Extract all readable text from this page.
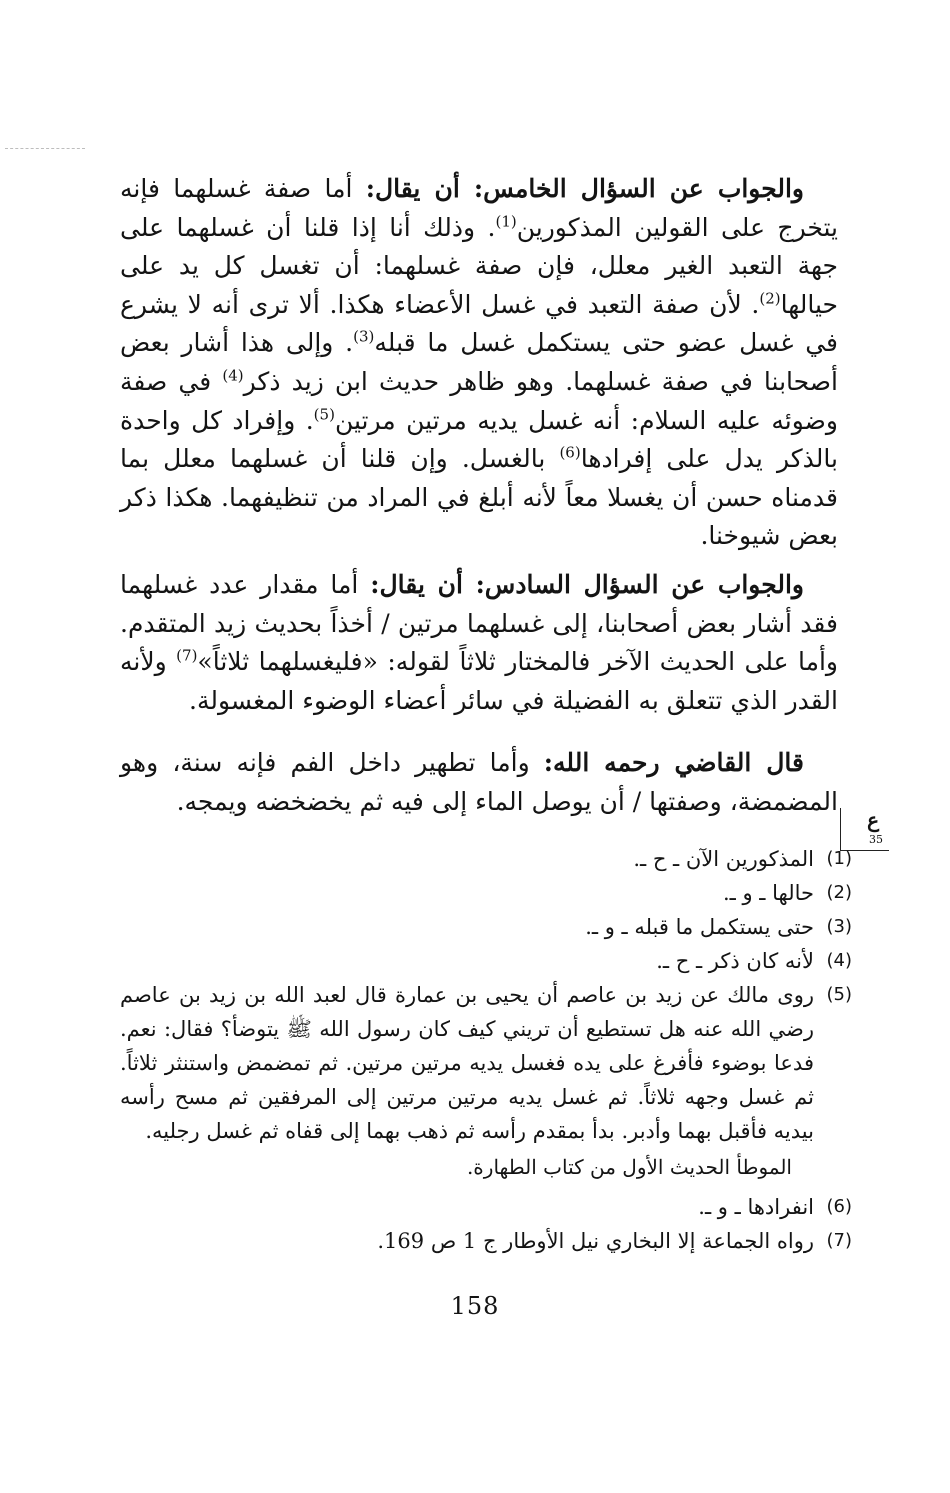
والجواب عن السؤال الخامس: أن يقال: أما صفة غسلهما فإنه يتخرج على القولين المذكورين$^{(1)}$. وذلك أنا إذا قلنا أن غسلهما على جهة التعبد الغير معلل، فإن صفة غسلهما: أن تغسل كل يد على حيالها$^{(2)}$. لأن صفة التعبد في غسل الأعضاء هكذا. ألا ترى أنه لا يشرع في غسل عضو حتى يستكمل غسل ما قبله$^{(3)}$. وإلى هذا أشار بعض أصحابنا في صفة غسلهما. وهو ظاهر حديث ابن زيد ذكر$^{(4)}$ في صفة وضوئه عليه السلام: أنه غسل يديه مرتين مرتين$^{(5)}$. وإفراد كل واحدة بالذكر يدل على إفرادها$^{(6)}$ بالغسل. وإن قلنا أن غسلهما معلل بما قدمناه حسن أن يغسلا معاً لأنه أبلغ في المراد من تنظيفهما. هكذا ذكر بعض شيوخنا.

والجواب عن السؤال السادس: أن يقال: أما مقدار عدد غسلهما فقد أشار بعض أصحابنا، إلى غسلهما مرتين / أخذاً بحديث زيد المتقدم. وأما على الحديث الآخر فالمختار ثلاثاً لقوله: «فليغسلهما ثلاثاً»$^{(7)}$ ولأنه القدر الذي تتعلق به الفضيلة في سائر أعضاء الوضوء المغسولة.

قال القاضي رحمه الله: وأما تطهير داخل الفم فإنه سنة، وهو المضمضة، وصفتها / أن يوصل الماء إلى فيه ثم يخضخضه ويمجه.

ع
35
(1)
المذكورين الآن ـ ح ـ.
(2)
حالها ـ و ـ.
(3)
حتى يستكمل ما قبله ـ و ـ.
(4)
لأنه كان ذكر ـ ح ـ.
(5)
روى مالك عن زيد بن عاصم أن يحيى بن عمارة قال لعبد الله بن زيد بن عاصم رضي الله عنه هل تستطيع أن تريني كيف كان رسول الله ﷺ يتوضأ؟ فقال: نعم. فدعا بوضوء فأفرغ على يده فغسل يديه مرتين مرتين. ثم تمضمض واستنثر ثلاثاً. ثم غسل وجهه ثلاثاً. ثم غسل يديه مرتين مرتين إلى المرفقين ثم مسح رأسه بيديه فأقبل بهما وأدبر. بدأ بمقدم رأسه ثم ذهب بهما إلى قفاه ثم غسل رجليه.
الموطأ الحديث الأول من كتاب الطهارة.
(6)
انفرادها ـ و ـ.
(7)
رواه الجماعة إلا البخاري نيل الأوطار ج 1 ص 169.
158
